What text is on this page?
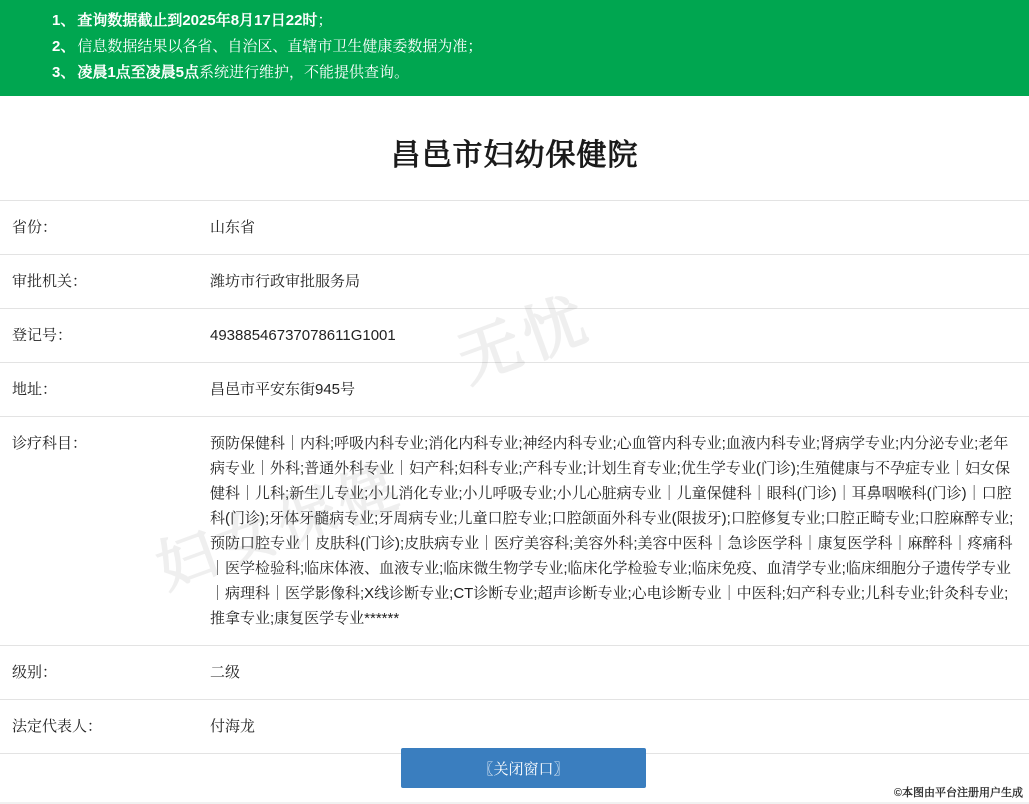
1、 查询数据截止到2025年8月17日22时；
2、 信息数据结果以各省、自治区、直辖市卫生健康委数据为准；
3、 凌晨1点至凌晨5点系统进行维护，不能提供查询。
昌邑市妇幼保健院
省份：	山东省
审批机关：	潍坊市行政审批服务局
登记号：	49388546737078611G1001
地址：	昌邑市平安东街945号
诊疗科目：	预防保健科｜内科;呼吸内科专业;消化内科专业;神经内科专业;心血管内科专业;血液内科专业;肾病学专业;内分泌专业;老年病专业｜外科;普通外科专业｜妇产科;妇科专业;产科专业;计划生育专业;优生学专业(门诊);生殖健康与不孕症专业｜妇女保健科｜儿科;新生儿专业;小儿消化专业;小儿呼吸专业;小儿心脏病专业｜儿童保健科｜眼科(门诊)｜耳鼻咽喉科(门诊)｜口腔科(门诊);牙体牙髓病专业;牙周病专业;儿童口腔专业;口腔颌面外科专业(限拔牙);口腔修复专业;口腔正畸专业;口腔麻醉专业;预防口腔专业｜皮肤科(门诊);皮肤病专业｜医疗美容科;美容外科;美容中医科｜急诊医学科｜康复医学科｜麻醉科｜疼痛科｜医学检验科;临床体液、血液专业;临床微生物学专业;临床化学检验专业;临床免疫、血清学专业;临床细胞分子遗传学专业｜病理科｜医学影像科;X线诊断专业;CT诊断专业;超声诊断专业;心电诊断专业｜中医科;妇产科专业;儿科专业;针灸科专业;推拿专业;康复医学专业******
级别：	二级
法定代表人：	付海龙
无忧
妇女保健
〖关闭窗口〗
©本图由平台注册用户生成
